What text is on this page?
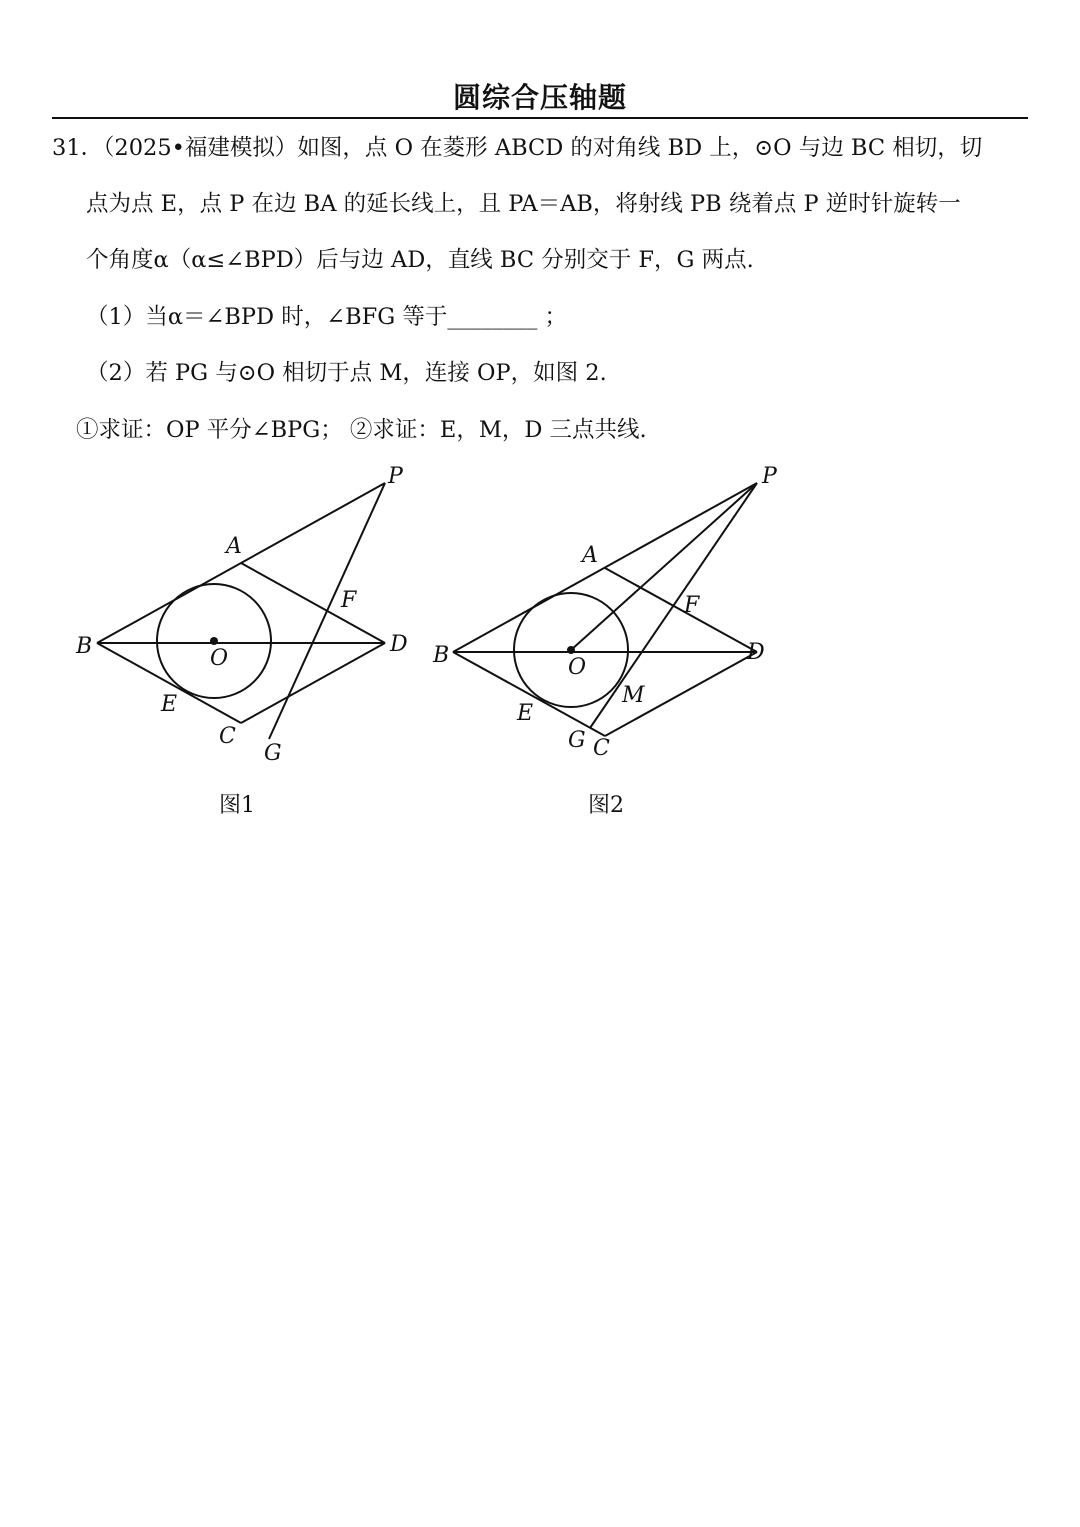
圆综合压轴题
31．（2025•福建模拟）如图，点 O 在菱形 ABCD 的对角线 BD 上，⊙O 与边 BC 相切，切
点为点 E，点 P 在边 BA 的延长线上，且 PA＝AB，将射线 PB 绕着点 P 逆时针旋转一
个角度α（α≤∠BPD）后与边 AD，直线 BC 分别交于 F，G 两点.
（1）当α＝∠BPD 时，∠BFG 等于________ ；
（2）若 PG 与⊙O 相切于点 M，连接 OP，如图 2.
①求证：OP 平分∠BPG； ②求证：E，M，D 三点共线.
P
A
F
B	D
O
E
C
G
图1
P
A
F
B	D
O
M
E
G C
图2
